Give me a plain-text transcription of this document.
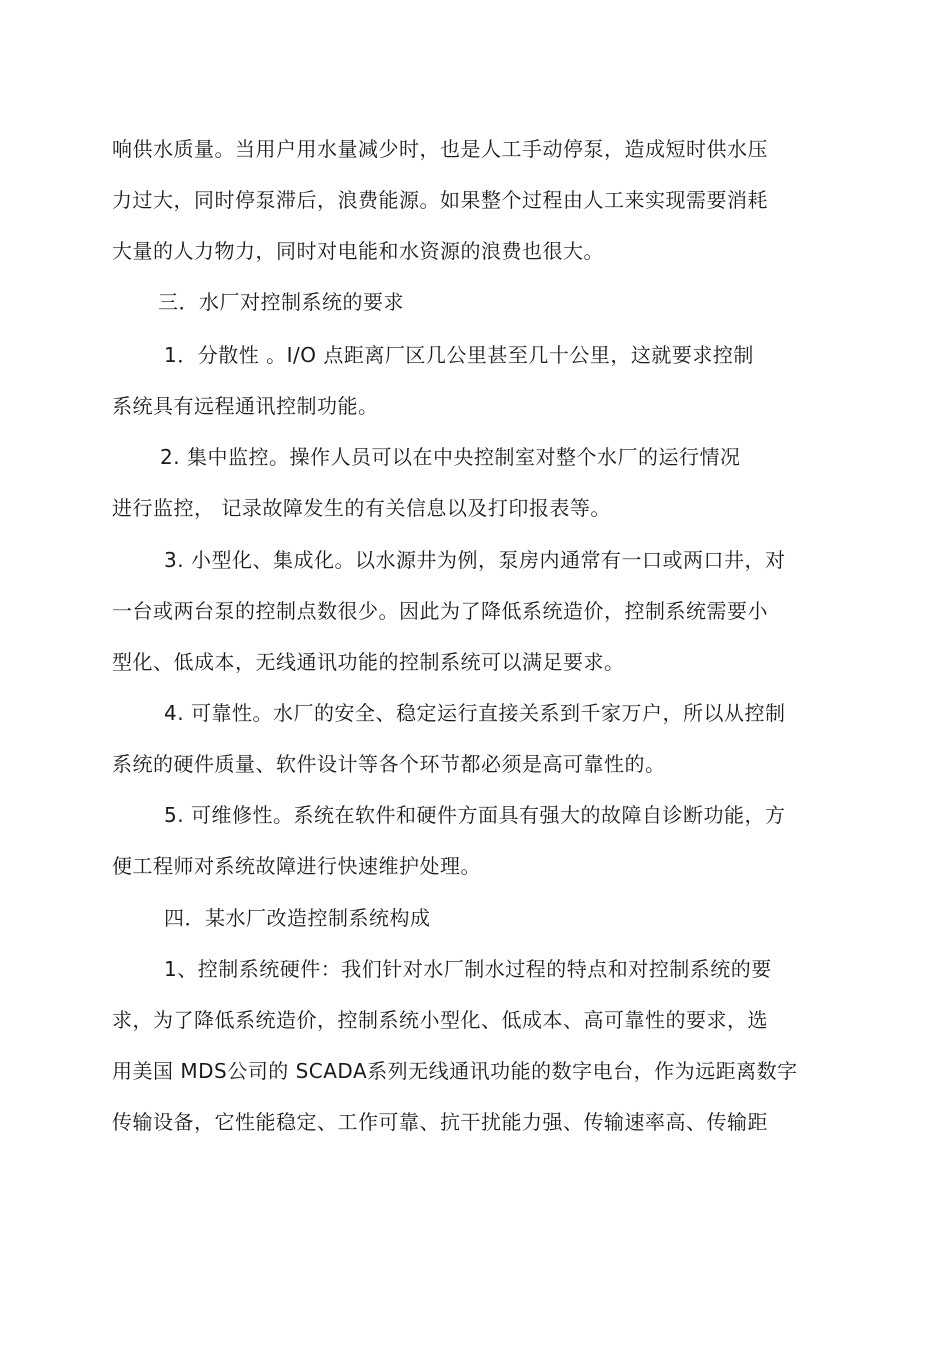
响供水质量。当用户用水量减少时，也是人工手动停泵，造成短时供水压
力过大，同时停泵滞后，浪费能源。如果整个过程由人工来实现需要消耗
大量的人力物力，同时对电能和水资源的浪费也很大。
三．水厂对控制系统的要求
1．分散性 。I/O 点距离厂区几公里甚至几十公里，这就要求控制
系统具有远程通讯控制功能。
2. 集中监控。操作人员可以在中央控制室对整个水厂的运行情况
进行监控， 记录故障发生的有关信息以及打印报表等。
3. 小型化、集成化。以水源井为例，泵房内通常有一口或两口井，对
一台或两台泵的控制点数很少。因此为了降低系统造价，控制系统需要小
型化、低成本，无线通讯功能的控制系统可以满足要求。
4. 可靠性。水厂的安全、稳定运行直接关系到千家万户，所以从控制
系统的硬件质量、软件设计等各个环节都必须是高可靠性的。
5. 可维修性。系统在软件和硬件方面具有强大的故障自诊断功能，方
便工程师对系统故障进行快速维护处理。
四．某水厂改造控制系统构成
1、控制系统硬件：我们针对水厂制水过程的特点和对控制系统的要
求，为了降低系统造价，控制系统小型化、低成本、高可靠性的要求，选
用美国 MDS公司的 SCADA系列无线通讯功能的数字电台，作为远距离数字
传输设备，它性能稳定、工作可靠、抗干扰能力强、传输速率高、传输距
